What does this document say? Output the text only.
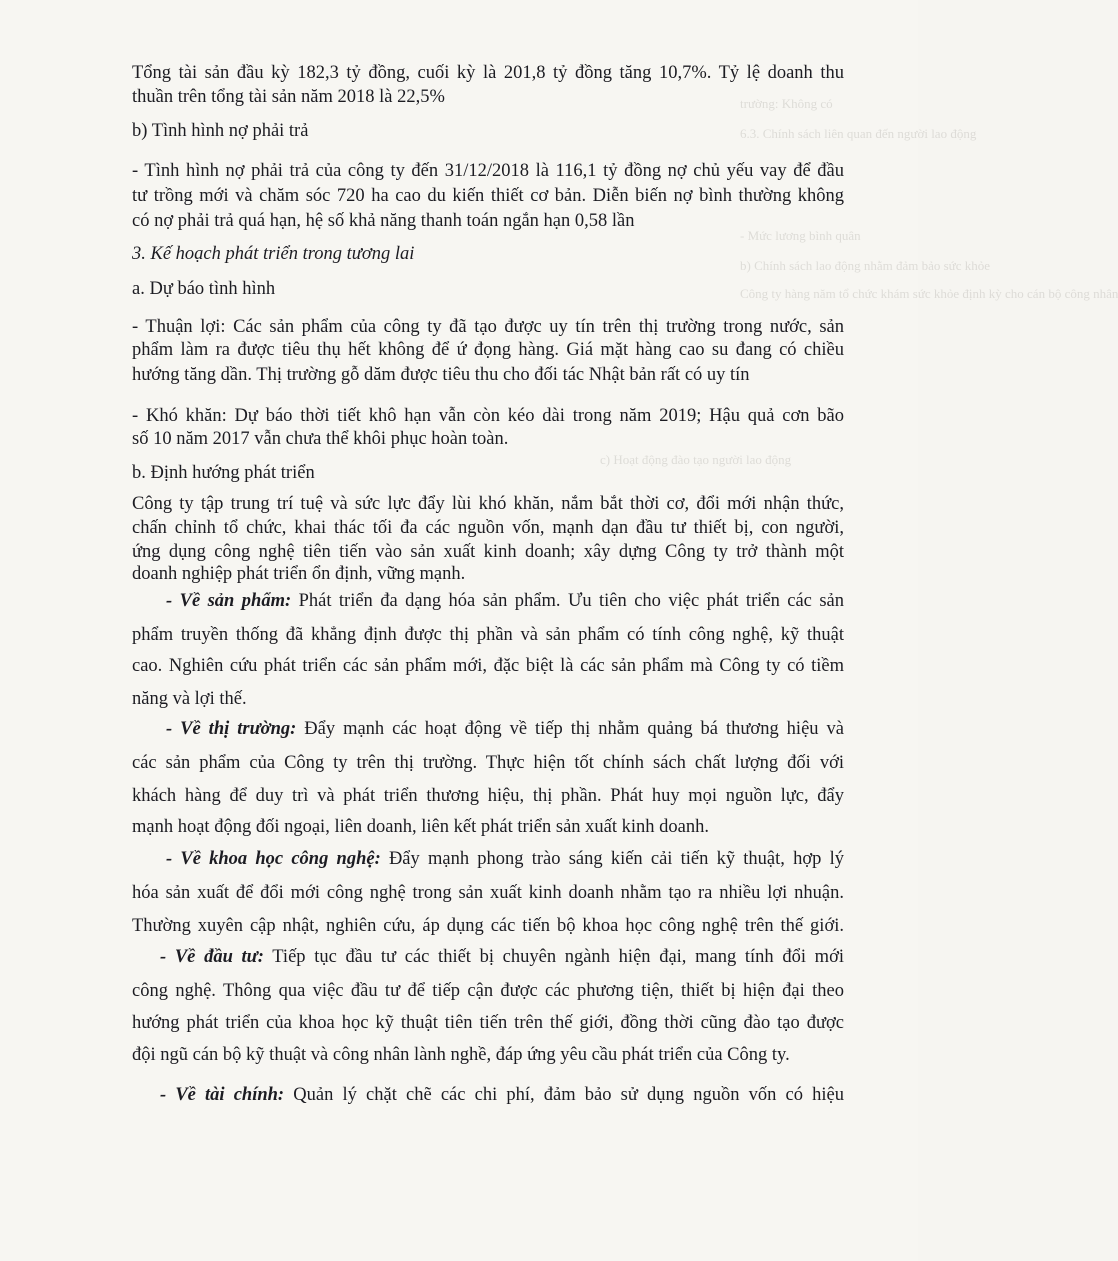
trường: Không có
6.3. Chính sách liên quan đến người lao động
- Mức lương bình quân
b) Chính sách lao động nhằm đảm bảo sức khỏe
Công ty hàng năm tổ chức khám sức khỏe định kỳ cho cán bộ công nhân
c) Hoạt động đào tạo người lao động

Tổng tài sản đầu kỳ 182,3 tỷ đồng, cuối kỳ là 201,8 tỷ đồng tăng 10,7%. Tỷ lệ doanh thu

thuần trên tổng tài sản năm 2018 là 22,5%

b) Tình hình nợ phải trả

- Tình hình nợ phải trả của công ty đến 31/12/2018 là 116,1 tỷ đồng nợ chủ yếu vay để đầu

tư trồng mới và chăm sóc 720 ha cao du kiến thiết cơ bản. Diễn biến nợ bình thường không

có nợ phải trả quá hạn, hệ số khả năng thanh toán ngắn hạn 0,58 lần

3. Kế hoạch phát triển trong tương lai

a. Dự báo tình hình

- Thuận lợi: Các sản phẩm của công ty đã tạo được uy tín trên thị trường trong nước, sản

phẩm làm ra được tiêu thụ hết không để ứ đọng hàng. Giá mặt hàng cao su đang có chiều

hướng tăng dần. Thị trường gỗ dăm được tiêu thu cho đối tác Nhật bản rất có uy tín

- Khó khăn: Dự báo thời tiết khô hạn vẫn còn kéo dài trong năm 2019; Hậu quả cơn bão

số 10 năm 2017 vẫn chưa thể khôi phục hoàn toàn.

b. Định hướng phát triển

Công ty tập trung trí tuệ và sức lực đẩy lùi khó khăn, nắm bắt thời cơ, đổi mới nhận thức,

chấn chỉnh tổ chức, khai thác tối đa các nguồn vốn, mạnh dạn đầu tư thiết bị, con người,

ứng dụng công nghệ tiên tiến vào sản xuất kinh doanh; xây dựng Công ty trở thành một

doanh nghiệp phát triển ổn định, vững mạnh.

- Về sản phẩm: Phát triển đa dạng hóa sản phẩm. Ưu tiên cho việc phát triển các sản

phẩm truyền thống đã khẳng định được thị phần và sản phẩm có tính công nghệ, kỹ thuật

cao. Nghiên cứu phát triển các sản phẩm mới, đặc biệt là các sản phẩm mà Công ty có tiềm

năng và lợi thế.

- Về thị trường: Đẩy mạnh các hoạt động về tiếp thị nhằm quảng bá thương hiệu và

các sản phẩm của Công ty trên thị trường. Thực hiện tốt chính sách chất lượng đối với

khách hàng để duy trì và phát triển thương hiệu, thị phần. Phát huy mọi nguồn lực, đẩy

mạnh hoạt động đối ngoại, liên doanh, liên kết phát triển sản xuất kinh doanh.

- Về khoa học công nghệ: Đẩy mạnh phong trào sáng kiến cải tiến kỹ thuật, hợp lý

hóa sản xuất để đổi mới công nghệ trong sản xuất kinh doanh nhằm tạo ra nhiều lợi nhuận.

Thường xuyên cập nhật, nghiên cứu, áp dụng các tiến bộ khoa học công nghệ trên thế giới.

- Về đầu tư: Tiếp tục đầu tư các thiết bị chuyên ngành hiện đại, mang tính đổi mới

công nghệ. Thông qua việc đầu tư để tiếp cận được các phương tiện, thiết bị hiện đại theo

hướng phát triển của khoa học kỹ thuật tiên tiến trên thế giới, đồng thời cũng đào tạo được

đội ngũ cán bộ kỹ thuật và công nhân lành nghề, đáp ứng yêu cầu phát triển của Công ty.

- Về tài chính: Quản lý chặt chẽ các chi phí, đảm bảo sử dụng nguồn vốn có hiệu
